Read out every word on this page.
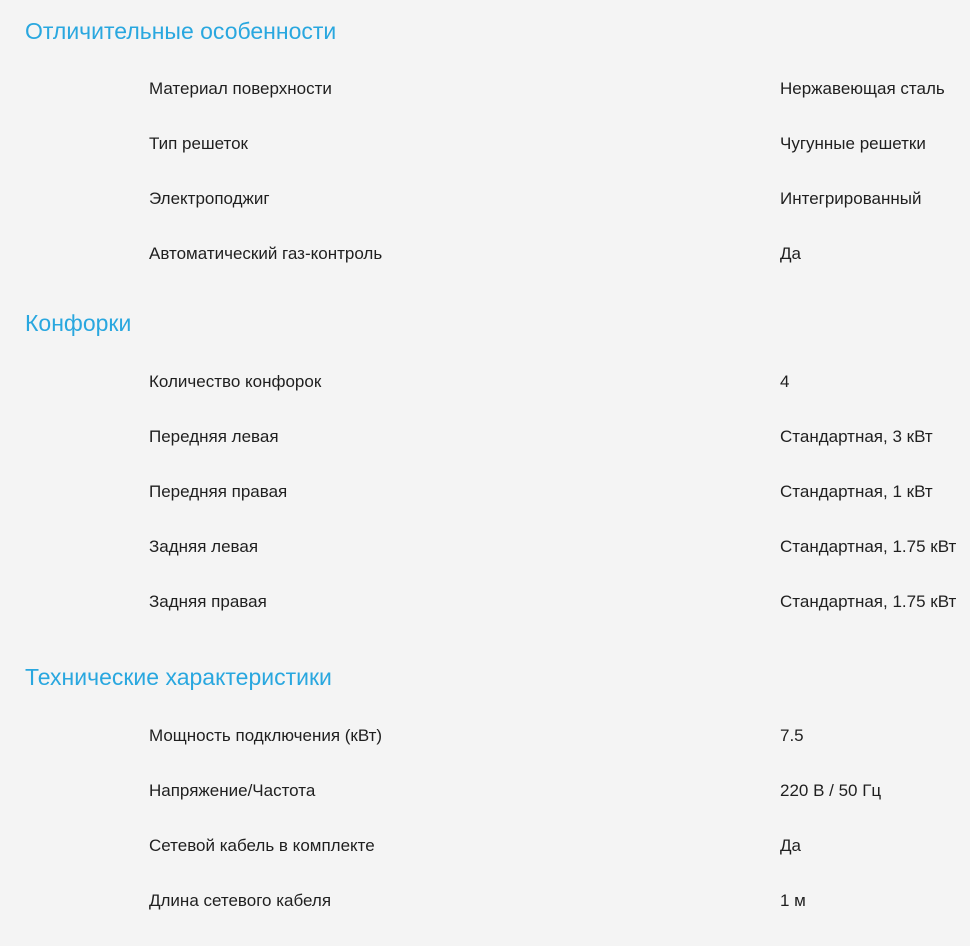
Отличительные особенности
Материал поверхности	Нержавеющая сталь
Тип решеток	Чугунные решетки
Электроподжиг	Интегрированный
Автоматический газ-контроль	Да
Конфорки
Количество конфорок	4
Передняя левая	Стандартная, 3 кВт
Передняя правая	Стандартная, 1 кВт
Задняя левая	Стандартная, 1.75 кВт
Задняя правая	Стандартная, 1.75 кВт
Технические характеристики
Мощность подключения (кВт)	7.5
Напряжение/Частота	220 В / 50 Гц
Сетевой кабель в комплекте	Да
Длина сетевого кабеля	1 м
